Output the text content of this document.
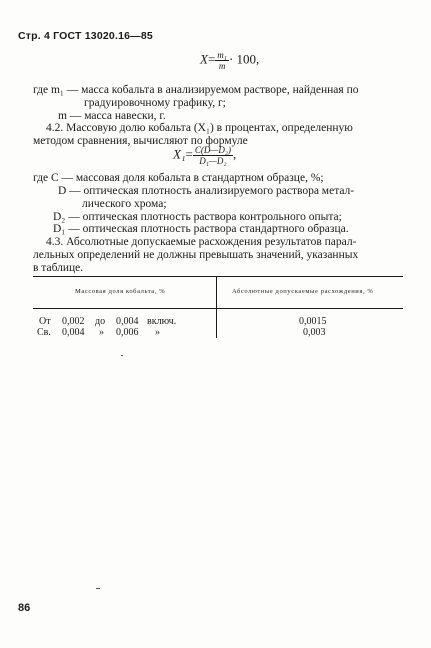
Стр. 4 ГОСТ 13020.16—85
$X= \frac{\text{m₁}}{m} \cdot 100$,
где m₁ — масса кобальта в анализируемом растворе, найденная по
градуировочному графику, г;
m — масса навески, г.
4.2. Массовую долю кобальта (X₁) в процентах, определенную
методом сравнения, вычисляют по формуле
$X_1= \frac{\text{C(D—D₂)}}{\text{D₁—D₂}}$ ,
где C — массовая доля кобальта в стандартном образце, %;
D — оптическая плотность анализируемого раствора метал-
лического хрома;
D₂ — оптическая плотность раствора контрольного опыта;
D₁ — оптическая плотность раствора стандартного образца.
4.3. Абсолютные допускаемые расхождения результатов парал-
лельных определений не должны превышать значений, указанных
в таблице.
Массовая доля кобальта, %	Абсолютные допускаемые расхождения, %
От 0,002 до 0,004 включ.	0,0015
Св. 0,004 » 0,006 »	0,003
86
